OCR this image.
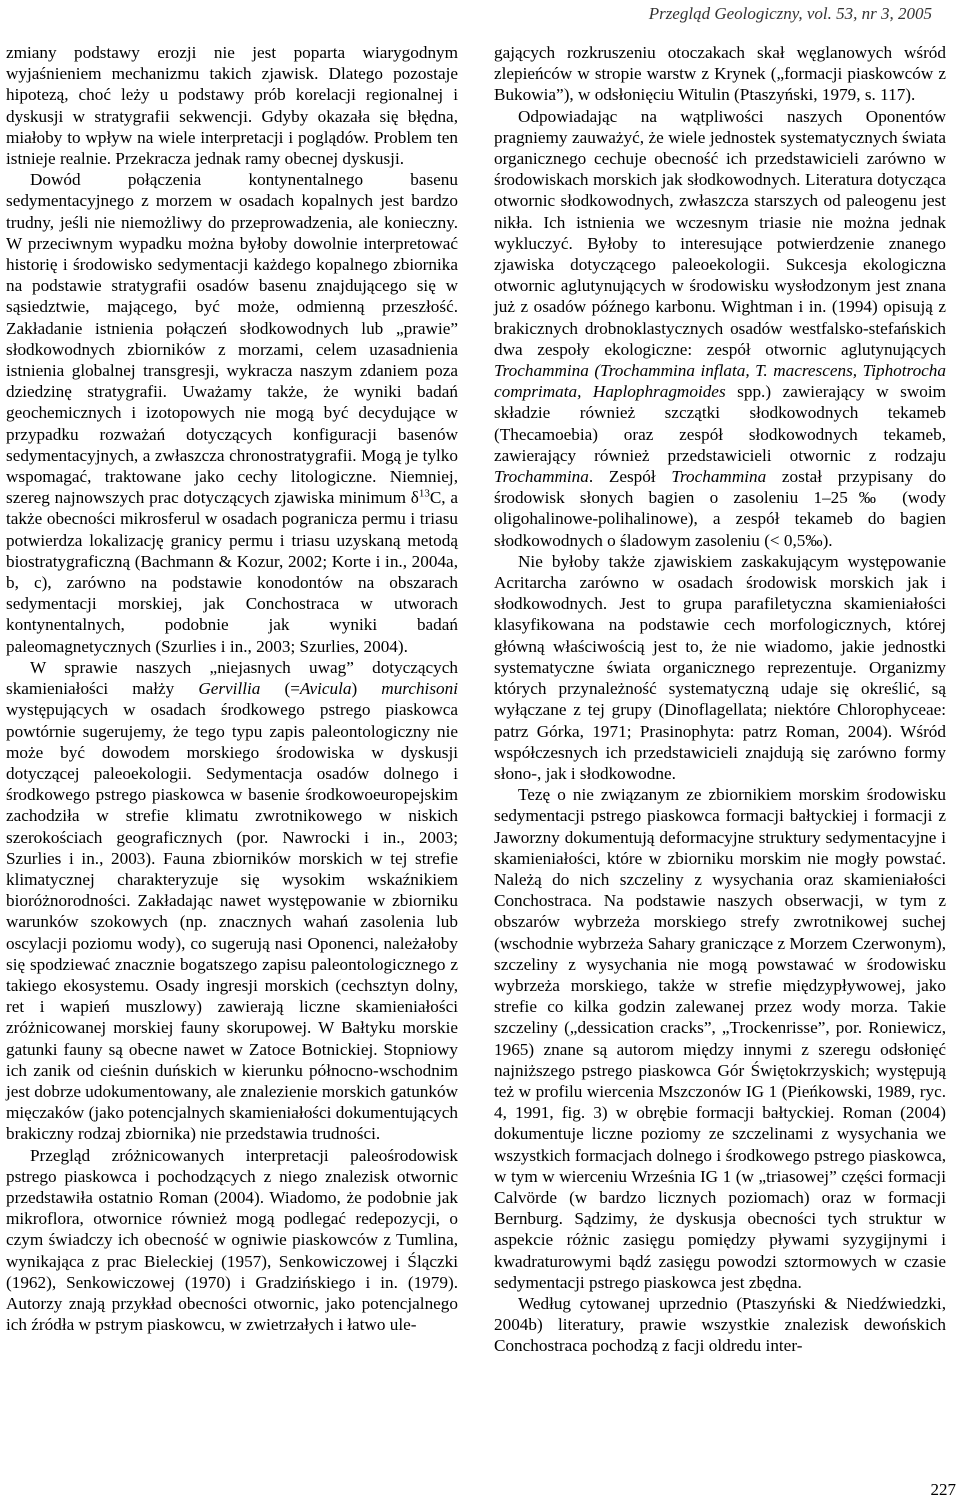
Przegląd Geologiczny, vol. 53, nr 3, 2005

zmiany podstawy erozji nie jest poparta wiarygodnym wyjaśnieniem mechanizmu takich zjawisk. Dlatego pozostaje hipotezą, choć leży u podstawy prób korelacji regionalnej i dyskusji w stratygrafii sekwencji. Gdyby okazała się błędna, miałoby to wpływ na wiele interpretacji i poglądów. Problem ten istnieje realnie. Przekracza jednak ramy obecnej dyskusji.

Dowód połączenia kontynentalnego basenu sedymentacyjnego z morzem w osadach kopalnych jest bardzo trudny, jeśli nie niemożliwy do przeprowadzenia, ale konieczny. W przeciwnym wypadku można byłoby dowolnie interpretować historię i środowisko sedymentacji każdego kopalnego zbiornika na podstawie stratygrafii osadów basenu znajdującego się w sąsiedztwie, mającego, być może, odmienną przeszłość. Zakładanie istnienia połączeń słodkowodnych lub „prawie” słodkowodnych zbiorników z morzami, celem uzasadnienia istnienia globalnej transgresji, wykracza naszym zdaniem poza dziedzinę stratygrafii. Uważamy także, że wyniki badań geochemicznych i izotopowych nie mogą być decydujące w przypadku rozważań dotyczących konfiguracji basenów sedymentacyjnych, a zwłaszcza chronostratygrafii. Mogą je tylko wspomagać, traktowane jako cechy litologiczne. Niemniej, szereg najnowszych prac dotyczących zjawiska minimum $\delta^{13}C$, a także obecności mikrosferul w osadach pogranicza permu i triasu potwierdza lokalizację granicy permu i triasu uzyskaną metodą biostratygraficzną (Bachmann & Kozur, 2002; Korte i in., 2004a, b, c), zarówno na podstawie konodontów na obszarach sedymentacji morskiej, jak Conchostraca w utworach kontynentalnych, podobnie jak wyniki badań paleomagnetycznych (Szurlies i in., 2003; Szurlies, 2004).

W sprawie naszych „niejasnych uwag” dotyczących skamieniałości małży Gervillia (=Avicula) murchisoni występujących w osadach środkowego pstrego piaskowca powtórnie sugerujemy, że tego typu zapis paleontologiczny nie może być dowodem morskiego środowiska w dyskusji dotyczącej paleoekologii. Sedymentacja osadów dolnego i środkowego pstrego piaskowca w basenie środkowoeuropejskim zachodziła w strefie klimatu zwrotnikowego w niskich szerokościach geograficznych (por. Nawrocki i in., 2003; Szurlies i in., 2003). Fauna zbiorników morskich w tej strefie klimatycznej charakteryzuje się wysokim wskaźnikiem bioróżnorodności. Zakładając nawet występowanie w zbiorniku warunków szokowych (np. znacznych wahań zasolenia lub oscylacji poziomu wody), co sugerują nasi Oponenci, należałoby się spodziewać znacznie bogatszego zapisu paleontologicznego z takiego ekosystemu. Osady ingresji morskich (cechsztyn dolny, ret i wapień muszlowy) zawierają liczne skamieniałości zróżnicowanej morskiej fauny skorupowej. W Bałtyku morskie gatunki fauny są obecne nawet w Zatoce Botnickiej. Stopniowy ich zanik od cieśnin duńskich w kierunku północno-wschodnim jest dobrze udokumentowany, ale znalezienie morskich gatunków mięczaków (jako potencjalnych skamieniałości dokumentujących brakiczny rodzaj zbiornika) nie przedstawia trudności.

Przegląd zróżnicowanych interpretacji paleośrodowisk pstrego piaskowca i pochodzących z niego znalezisk otwornic przedstawiła ostatnio Roman (2004). Wiadomo, że podobnie jak mikroflora, otwornice również mogą podlegać redepozycji, o czym świadczy ich obecność w ogniwie piaskowców z Tumlina, wynikająca z prac Bieleckiej (1957), Senkowiczowej i Ślączki (1962), Senkowiczowej (1970) i Gradzińskiego i in. (1979). Autorzy znają przykład obecności otwornic, jako potencjalnego ich źródła w pstrym piaskowcu, w zwietrzałych i łatwo ule-

gających rozkruszeniu otoczakach skał węglanowych wśród zlepieńców w stropie warstw z Krynek („formacji piaskowców z Bukowia”), w odsłonięciu Witulin (Ptaszyński, 1979, s. 117).

Odpowiadając na wątpliwości naszych Oponentów pragniemy zauważyć, że wiele jednostek systematycznych świata organicznego cechuje obecność ich przedstawicieli zarówno w środowiskach morskich jak słodkowodnych. Literatura dotycząca otwornic słodkowodnych, zwłaszcza starszych od paleogenu jest nikła. Ich istnienia we wczesnym triasie nie można jednak wykluczyć. Byłoby to interesujące potwierdzenie znanego zjawiska dotyczącego paleoekologii. Sukcesja ekologiczna otwornic aglutynujących w środowisku wysłodzonym jest znana już z osadów późnego karbonu. Wightman i in. (1994) opisują z brakicznych drobnoklastycznych osadów westfalsko-stefańskich dwa zespoły ekologiczne: zespół otwornic aglutynujących Trochammina (Trochammina inflata, T. macrescens, Tiphotrocha comprimata, Haplophragmoides spp.) zawierający w swoim składzie również szczątki słodkowodnych tekameb (Thecamoebia) oraz zespół słodkowodnych tekameb, zawierający również przedstawicieli otwornic z rodzaju Trochammina. Zespół Trochammina został przypisany do środowisk słonych bagien o zasoleniu 1–25‰ (wody oligohalinowe-polihalinowe), a zespół tekameb do bagien słodkowodnych o śladowym zasoleniu (< 0,5‰).

Nie byłoby także zjawiskiem zaskakującym występowanie Acritarcha zarówno w osadach środowisk morskich jak i słodkowodnych. Jest to grupa parafiletyczna skamieniałości klasyfikowana na podstawie cech morfologicznych, której główną właściwością jest to, że nie wiadomo, jakie jednostki systematyczne świata organicznego reprezentuje. Organizmy których przynależność systematyczną udaje się określić, są wyłączane z tej grupy (Dinoflagellata; niektóre Chlorophyceae: patrz Górka, 1971; Prasinophyta: patrz Roman, 2004). Wśród współczesnych ich przedstawicieli znajdują się zarówno formy słono-, jak i słodkowodne.

Tezę o nie związanym ze zbiornikiem morskim środowisku sedymentacji pstrego piaskowca formacji bałtyckiej i formacji z Jaworzny dokumentują deformacyjne struktury sedymentacyjne i skamieniałości, które w zbiorniku morskim nie mogły powstać. Należą do nich szczeliny z wysychania oraz skamieniałości Conchostraca. Na podstawie naszych obserwacji, w tym z obszarów wybrzeża morskiego strefy zwrotnikowej suchej (wschodnie wybrzeża Sahary graniczące z Morzem Czerwonym), szczeliny z wysychania nie mogą powstawać w środowisku wybrzeża morskiego, także w strefie międzypływowej, jako strefie co kilka godzin zalewanej przez wody morza. Takie szczeliny („dessication cracks”, „Trockenrisse”, por. Roniewicz, 1965) znane są autorom między innymi z szeregu odsłonięć najniższego pstrego piaskowca Gór Świętokrzyskich; występują też w profilu wiercenia Mszczonów IG 1 (Pieńkowski, 1989, ryc. 4, 1991, fig. 3) w obrębie formacji bałtyckiej. Roman (2004) dokumentuje liczne poziomy ze szczelinami z wysychania we wszystkich formacjach dolnego i środkowego pstrego piaskowca, w tym w wierceniu Września IG 1 (w „triasowej” części formacji Calvörde (w bardzo licznych poziomach) oraz w formacji Bernburg. Sądzimy, że dyskusja obecności tych struktur w aspekcie różnic zasięgu pomiędzy pływami syzygijnymi i kwadraturowymi bądź zasięgu powodzi sztormowych w czasie sedymentacji pstrego piaskowca jest zbędna.

Według cytowanej uprzednio (Ptaszyński & Niedźwiedzki, 2004b) literatury, prawie wszystkie znalezisk dewońskich Conchostraca pochodzą z facji oldredu inter-

227
